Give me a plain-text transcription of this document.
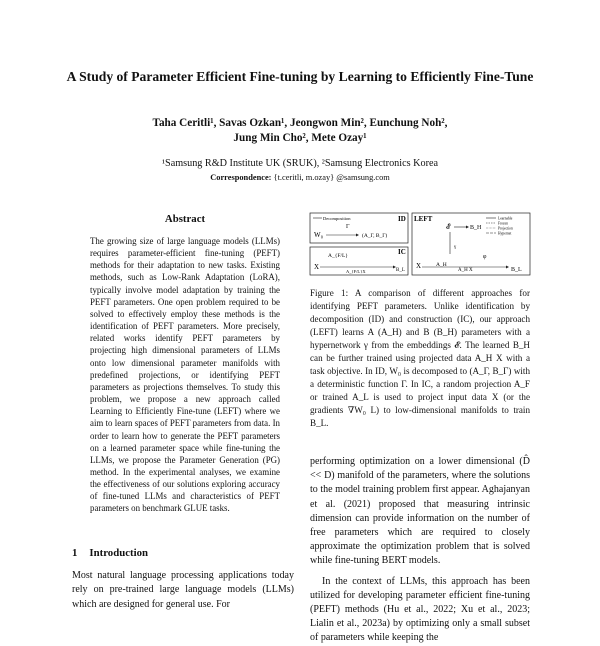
A Study of Parameter Efficient Fine-tuning by Learning to Efficiently Fine-Tune
Taha Ceritli¹, Savas Ozkan¹, Jeongwon Min², Eunchung Noh²,
Jung Min Cho², Mete Ozay¹
¹Samsung R&D Institute UK (SRUK), ²Samsung Electronics Korea
Correspondence: {t.ceritli, m.ozay} @samsung.com
Abstract
The growing size of large language models (LLMs) requires parameter-efficient fine-tuning (PEFT) methods for their adaptation to new tasks. Existing methods, such as Low-Rank Adaptation (LoRA), typically involve model adaptation by training the PEFT parameters. One open problem required to be solved to effectively employ these methods is the identification of PEFT parameters. More precisely, related works identify PEFT parameters by projecting high dimensional parameters of LLMs onto low dimensional parameter manifolds with predefined projections, or identifying PEFT parameters as projections themselves. To study this problem, we propose a new approach called Learning to Efficiently Fine-tune (LEFT) where we aim to learn spaces of PEFT parameters from data. In order to learn how to generate the PEFT parameters on a learned parameter space while fine-tuning the LLMs, we propose the Parameter Generation (PG) method. In the experimental analyses, we examine the effectiveness of our solutions exploring accuracy of fine-tuned LLMs and characteristics of PEFT parameters on benchmark GLUE tasks.
1 Introduction
Most natural language processing applications today rely on pre-trained large language models (LLMs) which are designed for general use. For
ID
Decomposition
Γ
W₀	(A_Γ, B_Γ)
IC
A_{F/L}
X
A_{F/L}X	B_L
LEFT
𝓔	B_H
X	A_H
A_H X
γ
φ
B_L
Learnable
Frozen
Projection
Hypernet
Figure 1: A comparison of different approaches for identifying PEFT parameters. Unlike identification by decomposition (ID) and construction (IC), our approach (LEFT) learns A (A_H) and B (B_H) parameters with a hypernetwork γ from the embeddings 𝓔. The learned B_H can be further trained using projected data A_H X with a task objective. In ID, W₀ is decomposed to (A_Γ, B_Γ) with a deterministic function Γ. In IC, a random projection A_F or trained A_L is used to project input data X (or the gradients ∇W₀ L) to low-dimensional manifolds to train B_L.
performing optimization on a lower dimensional (D̂ << D) manifold of the parameters, where the solutions to the model training problem first appear. Aghajanyan et al. (2021) proposed that measuring intrinsic dimension can provide information on the number of free parameters which are required to closely approximate the optimization problem that is solved while fine-tuning BERT models.
In the context of LLMs, this approach has been utilized for developing parameter efficient fine-tuning (PEFT) methods (Hu et al., 2022; Xu et al., 2023; Lialin et al., 2023a) by optimizing only a small subset of parameters while keeping the
